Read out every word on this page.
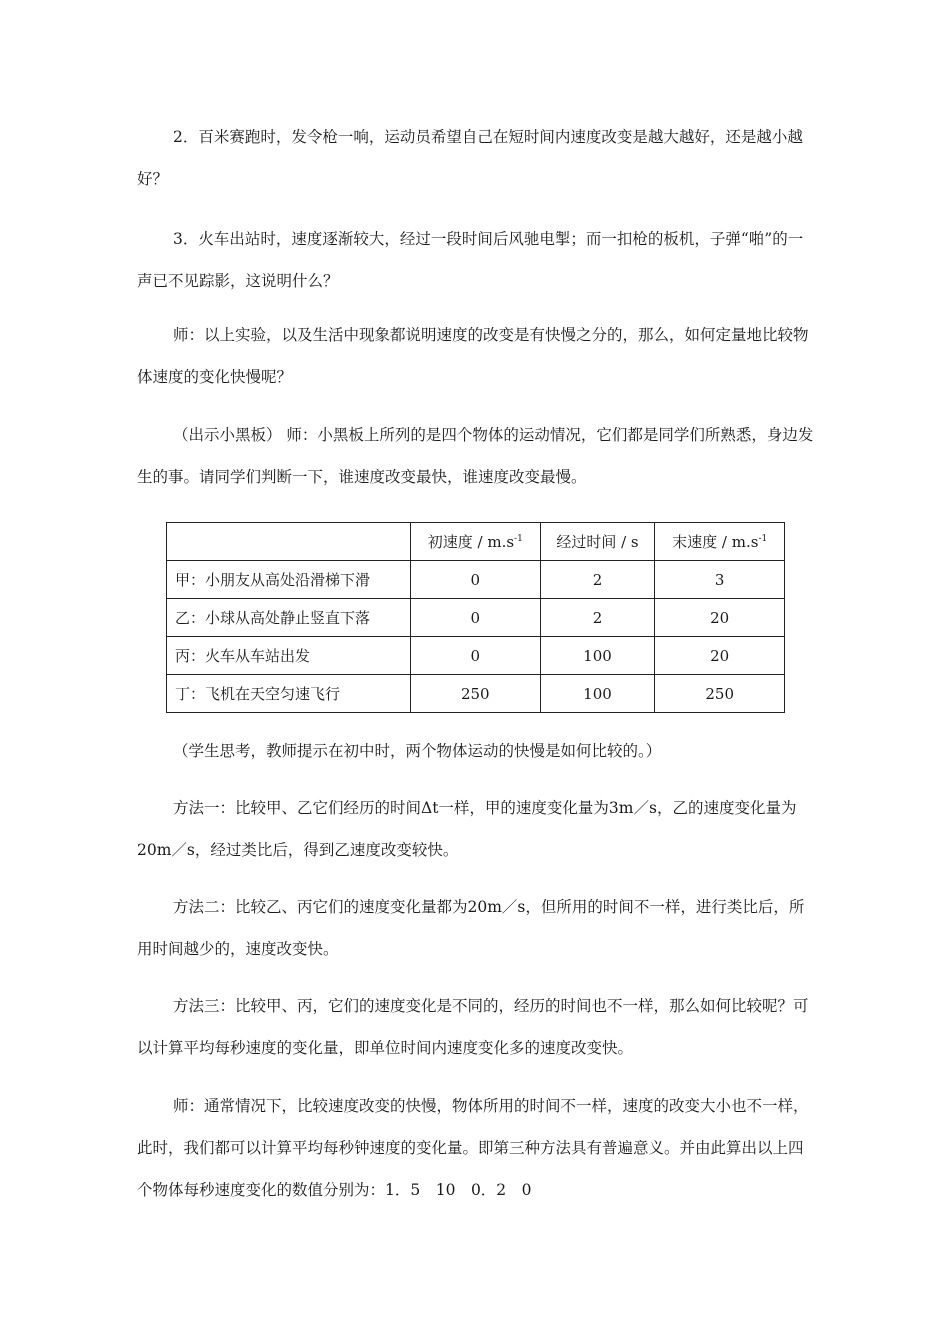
2．百米赛跑时，发令枪一响，运动员希望自己在短时间内速度改变是越大越好，还是越小越好？

3．火车出站时，速度逐渐较大，经过一段时间后风驰电掣；而一扣枪的板机，子弹“啪”的一声已不见踪影，这说明什么？

师：以上实验，以及生活中现象都说明速度的改变是有快慢之分的，那么，如何定量地比较物体速度的变化快慢呢？

（出示小黑板） 师：小黑板上所列的是四个物体的运动情况，它们都是同学们所熟悉，身边发生的事。请同学们判断一下，谁速度改变最快，谁速度改变最慢。

	初速度 / $m.s^{-1}$	经过时间 / s	末速度 / $m.s^{-1}$
甲：小朋友从高处沿滑梯下滑	0	2	3
乙：小球从高处静止竖直下落	0	2	20
丙：火车从车站出发	0	100	20
丁：飞机在天空匀速飞行	250	100	250

（学生思考，教师提示在初中时，两个物体运动的快慢是如何比较的。）

方法一：比较甲、乙它们经历的时间Δt一样，甲的速度变化量为3m／s，乙的速度变化量为20m／s，经过类比后，得到乙速度改变较快。

方法二：比较乙、丙它们的速度变化量都为20m／s，但所用的时间不一样，进行类比后，所用时间越少的，速度改变快。

方法三：比较甲、丙，它们的速度变化是不同的，经历的时间也不一样，那么如何比较呢？可以计算平均每秒速度的变化量，即单位时间内速度变化多的速度改变快。

师：通常情况下，比较速度改变的快慢，物体所用的时间不一样，速度的改变大小也不一样，此时，我们都可以计算平均每秒钟速度的变化量。即第三种方法具有普遍意义。并由此算出以上四个物体每秒速度变化的数值分别为：1．5　10　0．2　0
